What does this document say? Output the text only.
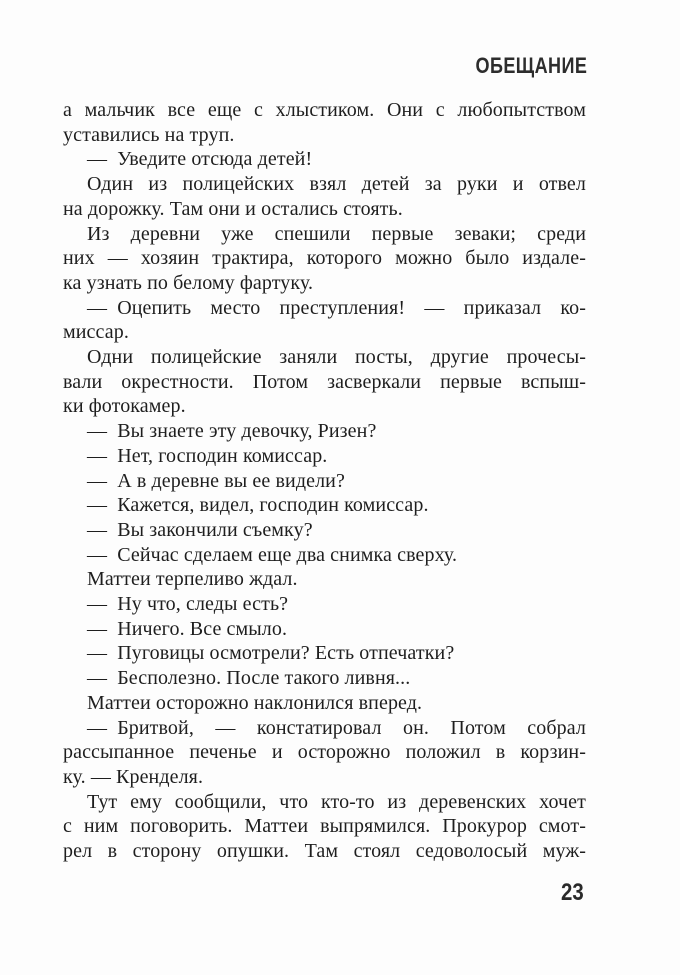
ОБЕЩАНИЕ
а мальчик все еще с хлыстиком. Они с любопытством
уставились на труп.
— Уведите отсюда детей!
Один из полицейских взял детей за руки и отвел
на дорожку. Там они и остались стоять.
Из деревни уже спешили первые зеваки; среди
них — хозяин трактира, которого можно было издале-
ка узнать по белому фартуку.
— Оцепить место преступления! — приказал ко-
миссар.
Одни полицейские заняли посты, другие прочесы-
вали окрестности. Потом засверкали первые вспыш-
ки фотокамер.
— Вы знаете эту девочку, Ризен?
— Нет, господин комиссар.
— А в деревне вы ее видели?
— Кажется, видел, господин комиссар.
— Вы закончили съемку?
— Сейчас сделаем еще два снимка сверху.
Маттеи терпеливо ждал.
— Ну что, следы есть?
— Ничего. Все смыло.
— Пуговицы осмотрели? Есть отпечатки?
— Бесполезно. После такого ливня...
Маттеи осторожно наклонился вперед.
— Бритвой, — констатировал он. Потом собрал
рассыпанное печенье и осторожно положил в корзин-
ку. — Кренделя.
Тут ему сообщили, что кто-то из деревенских хочет
с ним поговорить. Маттеи выпрямился. Прокурор смот-
рел в сторону опушки. Там стоял седоволосый муж-
23
